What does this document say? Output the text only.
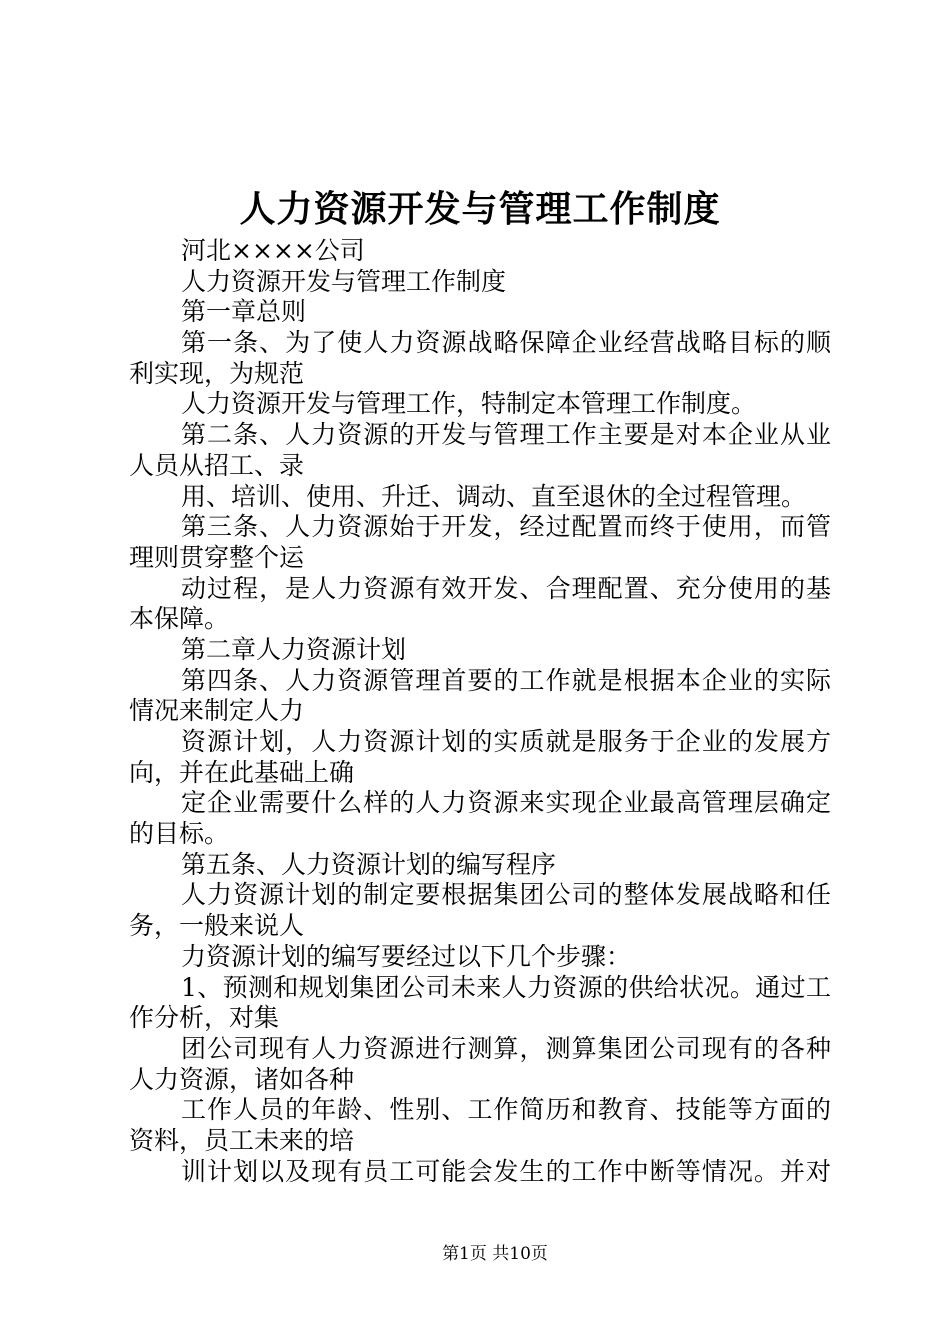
人力资源开发与管理工作制度
河北××××公司
人力资源开发与管理工作制度
第一章总则
第一条、为了使人力资源战略保障企业经营战略目标的顺
利实现，为规范
人力资源开发与管理工作，特制定本管理工作制度。
第二条、人力资源的开发与管理工作主要是对本企业从业
人员从招工、录
用、培训、使用、升迁、调动、直至退休的全过程管理。
第三条、人力资源始于开发，经过配置而终于使用，而管
理则贯穿整个运
动过程，是人力资源有效开发、合理配置、充分使用的基
本保障。
第二章人力资源计划
第四条、人力资源管理首要的工作就是根据本企业的实际
情况来制定人力
资源计划，人力资源计划的实质就是服务于企业的发展方
向，并在此基础上确
定企业需要什么样的人力资源来实现企业最高管理层确定
的目标。
第五条、人力资源计划的编写程序
人力资源计划的制定要根据集团公司的整体发展战略和任
务，一般来说人
力资源计划的编写要经过以下几个步骤：
1、预测和规划集团公司未来人力资源的供给状况。通过工
作分析，对集
团公司现有人力资源进行测算，测算集团公司现有的各种
人力资源，诸如各种
工作人员的年龄、性别、工作简历和教育、技能等方面的
资料，员工未来的培
训计划以及现有员工可能会发生的工作中断等情况。并对
第1页 共10页
